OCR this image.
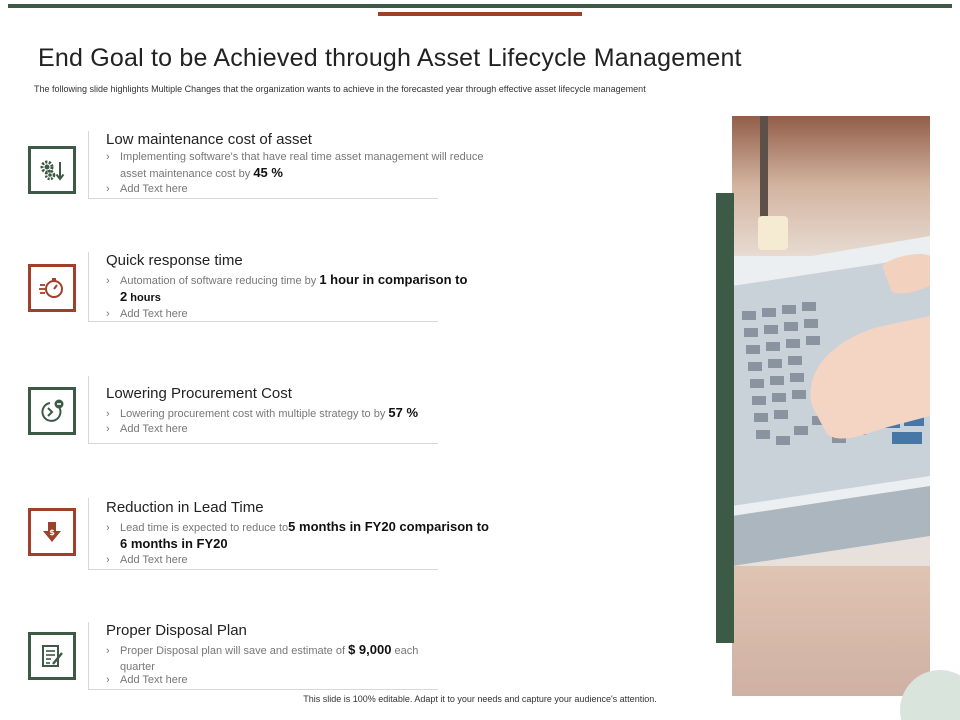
End Goal to be Achieved through Asset Lifecycle Management
The following slide highlights Multiple Changes that the organization wants to achieve in the forecasted year through effective asset lifecycle management
Low maintenance cost of asset
› Implementing software's that have real time asset management will reduce
asset maintenance cost by 45 %
› Add Text here
Quick response time
› Automation of software reducing time by 1 hour in comparison to
2 hours
› Add Text here
Lowering Procurement Cost
› Lowering procurement cost with multiple strategy to by 57 %
› Add Text here
$
Reduction in Lead Time
› Lead time is expected to reduce to5 months in FY20 comparison to
6 months in FY20
› Add Text here
Proper Disposal Plan
› Proper Disposal plan will save and estimate of $ 9,000 each
quarter
› Add Text here
This slide is 100% editable. Adapt it to your needs and capture your audience's attention.
